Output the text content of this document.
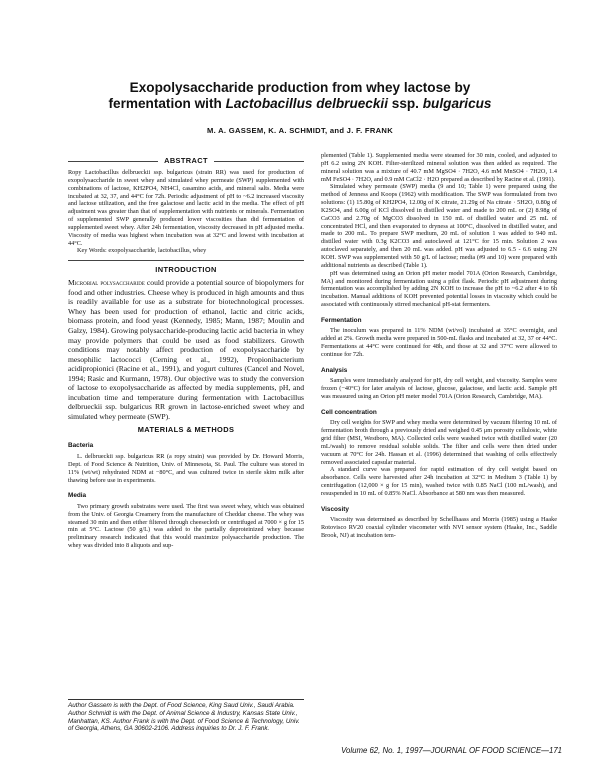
Exopolysaccharide production from whey lactose by
fermentation with Lactobacillus delbrueckii ssp. bulgaricus
M. A. GASSEM, K. A. SCHMIDT, and J. F. FRANK
ABSTRACT

Ropy Lactobacillus delbrueckii ssp. bulgaricus (strain RR) was used for production of exopolysaccharide in sweet whey and simulated whey permeate (SWP) supplemented with combinations of lactose, KH2PO4, NH4Cl, casamino acids, and mineral salts. Media were incubated at 32, 37, and 44°C for 72h. Periodic adjustment of pH to ~6.2 increased viscosity and lactose utilization, and the free galactose and lactic acid in the media. The effect of pH adjustment was greater than that of supplementation with nutrients or minerals. Fermentation of supplemented SWP generally produced lower viscosities than did fermentation of supplemented sweet whey. After 24h fermentation, viscosity decreased in pH adjusted media. Viscosity of media was highest when incubation was at 32°C and lowest with incubation at 44°C.

Key Words: exopolysaccharide, lactobacillus, whey

INTRODUCTION

Microbial polysaccharide could provide a potential source of biopolymers for food and other industries. Cheese whey is produced in high amounts and thus is readily available for use as a substrate for biotechnological processes. Whey has been used for production of ethanol, lactic and citric acids, biomass protein, and food yeast (Kennedy, 1985; Mann, 1987; Moulin and Galzy, 1984). Growing polysaccharide-producing lactic acid bacteria in whey may provide polymers that could be used as food stabilizers. Growth conditions may notably affect production of exopolysaccharide by mesophilic lactococci (Cerning et al., 1992), Propionibacterium acidipropionici (Racine et al., 1991), and yogurt cultures (Cancel and Novel, 1994; Rasic and Kurmann, 1978). Our objective was to study the conversion of lactose to exopolysaccharide as affected by media supplements, pH, and incubation time and temperature during fermentation with Lactobacillus delbrueckii ssp. bulgaricus RR grown in lactose-enriched sweet whey and simulated whey permeate (SWP).

MATERIALS & METHODS
Bacteria

L. delbrueckii ssp. bulgaricus RR (a ropy strain) was provided by Dr. Howard Morris, Dept. of Food Science & Nutrition, Univ. of Minnesota, St. Paul. The culture was stored in 11% (wt/wt) rehydrated NDM at −80°C, and was cultured twice in sterile skim milk after thawing before use in experiments.

Media

Two primary growth substrates were used. The first was sweet whey, which was obtained from the Univ. of Georgia Creamery from the manufacture of Cheddar cheese. The whey was steamed 30 min and then either filtered through cheesecloth or centrifuged at 7000 × g for 15 min at 5°C. Lactose (50 g/L) was added to the partially deproteinized whey because preliminary research indicated that this would maximize polysaccharide production. The whey was divided into 8 aliquots and sup-

Author Gassem is with the Dept. of Food Science, King Saud Univ., Saudi Arabia. Author Schmidt is with the Dept. of Animal Science & Industry, Kansas State Univ., Manhattan, KS. Author Frank is with the Dept. of Food Science & Technology, Univ. of Georgia, Athens, GA 30602-2106. Address inquiries to Dr. J. F. Frank.

plemented (Table 1). Supplemented media were steamed for 30 min, cooled, and adjusted to pH 6.2 using 2N KOH. Filter-sterilized mineral solution was then added as required. The mineral solution was a mixture of 40.7 mM MgSO4 · 7H2O, 4.6 mM MnSO4 · 7H2O, 1.4 mM FeSO4 · 7H2O, and 0.9 mM CaCl2 · H2O prepared as described by Racine et al. (1991).

Simulated whey permeate (SWP) media (9 and 10; Table 1) were prepared using the method of Jenness and Koops (1962) with modification. The SWP was formulated from two solutions: (1) 15.80g of KH2PO4, 12.00g of K citrate, 21.29g of Na citrate · 5H2O, 0.80g of K2SO4, and 6.00g of KCl dissolved in distilled water and made to 200 mL or (2) 8.98g of CaCO3 and 2.70g of MgCO3 dissolved in 150 mL of distilled water and 25 mL of concentrated HCl, and then evaporated to dryness at 100°C, dissolved in distilled water, and made to 200 mL. To prepare SWP medium, 20 mL of solution 1 was added to 940 mL distilled water with 0.3g K2CO3 and autoclaved at 121°C for 15 min. Solution 2 was autoclaved separately, and then 20 mL was added. pH was adjusted to 6.5 - 6.6 using 2N KOH. SWP was supplemented with 50 g/L of lactose; media (#9 and 10) were prepared with additional nutrients as described (Table 1).

pH was determined using an Orion pH meter model 701A (Orion Research, Cambridge, MA) and monitored during fermentation using a pilot flask. Periodic pH adjustment during fermentation was accomplished by adding 2N KOH to increase the pH to ~6.2 after 4 to 6h incubation. Manual additions of KOH prevented potential losses in viscosity which could be associated with continuously stirred mechanical pH-stat fermenters.

Fermentation

The inoculum was prepared in 11% NDM (wt/vol) incubated at 35°C overnight, and added at 2%. Growth media were prepared in 500-mL flasks and incubated at 32, 37 or 44°C. Fermentations at 44°C were continued for 48h, and those at 32 and 37°C were allowed to continue for 72h.

Analysis

Samples were immediately analyzed for pH, dry cell weight, and viscosity. Samples were frozen (−40°C) for later analysis of lactose, glucose, galactose, and lactic acid. Sample pH was measured using an Orion pH meter model 701A (Orion Research, Cambridge, MA).

Cell concentration

Dry cell weights for SWP and whey media were determined by vacuum filtering 10 mL of fermentation broth through a previously dried and weighed 0.45 μm porosity cellulosic, white grid filter (MSI, Westboro, MA). Collected cells were washed twice with distilled water (20 mL/wash) to remove residual soluble solids. The filter and cells were then dried under vacuum at 70°C for 24h. Hassan et al. (1996) determined that washing of cells effectively removed associated capsular material.

A standard curve was prepared for rapid estimation of dry cell weight based on absorbance. Cells were harvested after 24h incubation at 32°C in Medium 3 (Table 1) by centrifugation (12,000 × g for 15 min), washed twice with 0.85 NaCl (100 mL/wash), and resuspended in 10 mL of 0.85% NaCl. Absorbance at 580 nm was then measured.

Viscosity

Viscosity was determined as described by Schellhaass and Morris (1985) using a Haake Rotovisco RV20 coaxial cylinder viscometer with NVI sensor system (Haake, Inc., Saddle Brook, NJ) at incubation tem-

Volume 62, No. 1, 1997—JOURNAL OF FOOD SCIENCE—171
